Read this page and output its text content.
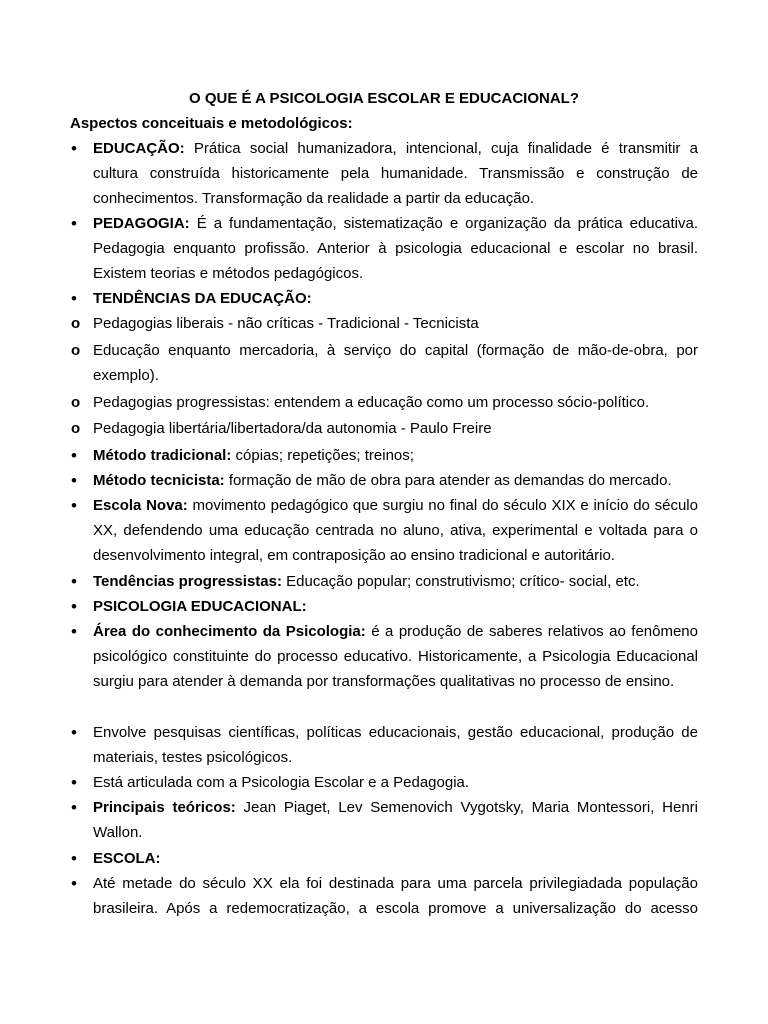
O QUE É A PSICOLOGIA ESCOLAR E EDUCACIONAL?

Aspectos conceituais e metodológicos:

•	EDUCAÇÃO: Prática social humanizadora, intencional, cuja finalidade é transmitir a cultura construída historicamente pela humanidade. Transmissão e construção de conhecimentos. Transformação da realidade a partir da educação.
•	PEDAGOGIA: É a fundamentação, sistematização e organização da prática educativa. Pedagogia enquanto profissão. Anterior à psicologia educacional e escolar no brasil. Existem teorias e métodos pedagógicos.
•	TENDÊNCIAS DA EDUCAÇÃO:
o Pedagogias liberais - não críticas - Tradicional - Tecnicista
o Educação enquanto mercadoria, à serviço do capital (formação de mão-de-obra, por exemplo).
o Pedagogias progressistas: entendem a educação como um processo sócio-político.
o Pedagogia libertária/libertadora/da autonomia - Paulo Freire
•	Método tradicional: cópias; repetições; treinos;
•	Método tecnicista: formação de mão de obra para atender as demandas do mercado.
•	Escola Nova: movimento pedagógico que surgiu no final do século XIX e início do século XX, defendendo uma educação centrada no aluno, ativa, experimental e voltada para o desenvolvimento integral, em contraposição ao ensino tradicional e autoritário.
•	Tendências progressistas: Educação popular; construtivismo; crítico- social, etc.
•	PSICOLOGIA EDUCACIONAL:
•	Área do conhecimento da Psicologia: é a produção de saberes relativos ao fenômeno psicológico constituinte do processo educativo. Historicamente, a Psicologia Educacional surgiu para atender à demanda por transformações qualitativas no processo de ensino.
•	Envolve pesquisas científicas, políticas educacionais, gestão educacional, produção de materiais, testes psicológicos.
•	Está articulada com a Psicologia Escolar e a Pedagogia.
•	Principais teóricos: Jean Piaget, Lev Semenovich Vygotsky, Maria Montessori, Henri Wallon.
•	ESCOLA:
•	Até metade do século XX ela foi destinada para uma parcela privilegiadada população brasileira. Após a redemocratização, a escola promove a universalização do acesso
